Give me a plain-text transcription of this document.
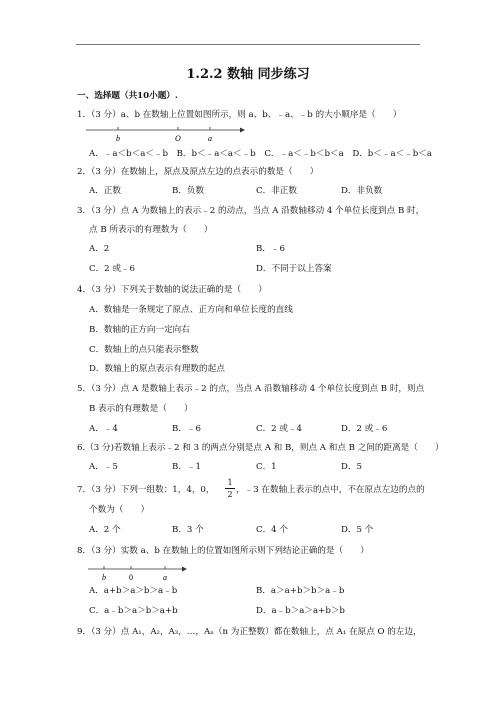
1.2.2 数轴 同步练习
一、选择题（共10小题）.
1．（3 分）a、b 在数轴上位置如图所示，则 a、b、﹣a、﹣b 的大小顺序是（　　）
b	O	a
A．﹣a＜b＜a＜﹣b　B．b＜﹣a＜a＜﹣b　C．﹣a＜﹣b＜b＜a　D．b＜﹣a＜﹣b＜a
2．（3 分）在数轴上，原点及原点左边的点表示的数是（　　）
A．正数	B．负数	C．非正数	D．非负数
3．（3 分）点 A 为数轴上的表示﹣2 的动点，当点 A 沿数轴移动 4 个单位长度到点 B 时，
点 B 所表示的有理数为（　　）
A．2	B．﹣6
C．2 或﹣6	D．不同于以上答案
4．（3 分）下列关于数轴的说法正确的是（　　）
A．数轴是一条规定了原点、正方向和单位长度的直线
B．数轴的正方向一定向右
C．数轴上的点只能表示整数
D．数轴上的原点表示有理数的起点
5．（3 分）点 A 是数轴上表示﹣2 的点，当点 A 沿数轴移动 4 个单位长度到点 B 时，则点
B 表示的有理数是（　　）
A．﹣4	B．﹣6	C．2 或﹣4	D．2 或﹣6
6.（3 分)若数轴上表示﹣2 和 3 的两点分别是点 A 和 B，则点 A 和点 B 之间的距离是（　　）
A．﹣5	B．﹣1	C．1	D．5
7．（3 分）下列一组数：1，4，0，
1
2 ，﹣3 在数轴上表示的点中，不在原点左边的点的
个数为（　　）
A．2 个	B．3 个	C．4 个	D．5 个
8．（3 分）实数 a、b 在数轴上的位置如图所示则下列结论正确的是（　　）
b	0	a
A．a+b＞a＞b＞a﹣b	B．a＞a+b＞b＞a﹣b
C．a﹣b＞a＞b＞a+b	D．a﹣b＞a＞a+b＞b
9．（3 分）点 A₁，A₂，A₃，…，Aₙ（n 为正整数）都在数轴上，点 A₁ 在原点 O 的左边，
